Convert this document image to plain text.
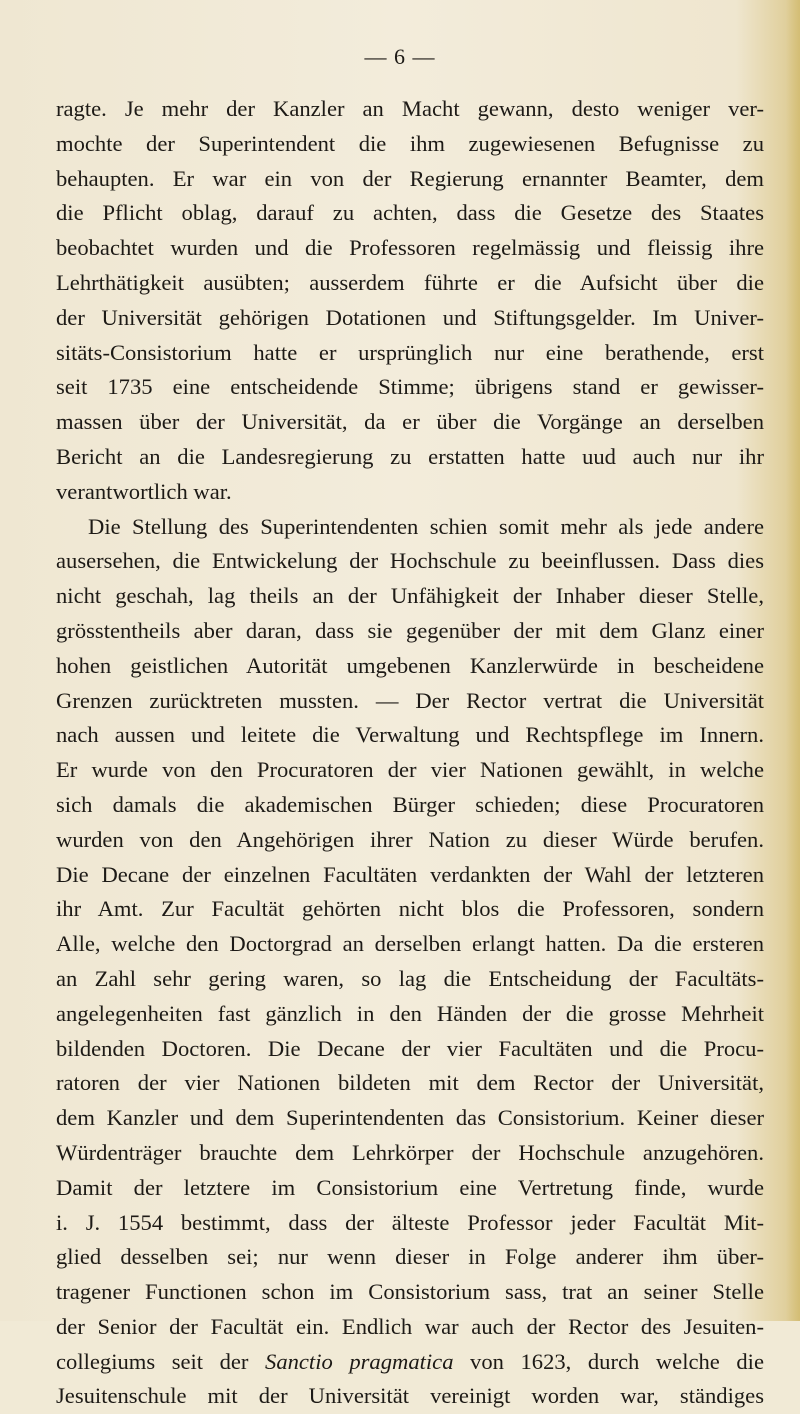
— 6 —
ragte. Je mehr der Kanzler an Macht gewann, desto weniger ver-
mochte der Superintendent die ihm zugewiesenen Befugnisse zu
behaupten. Er war ein von der Regierung ernannter Beamter, dem
die Pflicht oblag, darauf zu achten, dass die Gesetze des Staates
beobachtet wurden und die Professoren regelmässig und fleissig ihre
Lehrthätigkeit ausübten; ausserdem führte er die Aufsicht über die
der Universität gehörigen Dotationen und Stiftungsgelder. Im Univer-
sitäts-Consistorium hatte er ursprünglich nur eine berathende, erst
seit 1735 eine entscheidende Stimme; übrigens stand er gewisser-
massen über der Universität, da er über die Vorgänge an derselben
Bericht an die Landesregierung zu erstatten hatte uud auch nur ihr
verantwortlich war.
Die Stellung des Superintendenten schien somit mehr als jede andere
ausersehen, die Entwickelung der Hochschule zu beeinflussen. Dass dies
nicht geschah, lag theils an der Unfähigkeit der Inhaber dieser Stelle,
grösstentheils aber daran, dass sie gegenüber der mit dem Glanz einer
hohen geistlichen Autorität umgebenen Kanzlerwürde in bescheidene
Grenzen zurücktreten mussten. — Der Rector vertrat die Universität
nach aussen und leitete die Verwaltung und Rechtspflege im Innern.
Er wurde von den Procuratoren der vier Nationen gewählt, in welche
sich damals die akademischen Bürger schieden; diese Procuratoren
wurden von den Angehörigen ihrer Nation zu dieser Würde berufen.
Die Decane der einzelnen Facultäten verdankten der Wahl der letzteren
ihr Amt. Zur Facultät gehörten nicht blos die Professoren, sondern
Alle, welche den Doctorgrad an derselben erlangt hatten. Da die ersteren
an Zahl sehr gering waren, so lag die Entscheidung der Facultäts-
angelegenheiten fast gänzlich in den Händen der die grosse Mehrheit
bildenden Doctoren. Die Decane der vier Facultäten und die Procu-
ratoren der vier Nationen bildeten mit dem Rector der Universität,
dem Kanzler und dem Superintendenten das Consistorium. Keiner dieser
Würdenträger brauchte dem Lehrkörper der Hochschule anzugehören.
Damit der letztere im Consistorium eine Vertretung finde, wurde
i. J. 1554 bestimmt, dass der älteste Professor jeder Facultät Mit-
glied desselben sei; nur wenn dieser in Folge anderer ihm über-
tragener Functionen schon im Consistorium sass, trat an seiner Stelle
der Senior der Facultät ein. Endlich war auch der Rector des Jesuiten-
collegiums seit der Sanctio pragmatica von 1623, durch welche die
Jesuitenschule mit der Universität vereinigt worden war, ständiges
